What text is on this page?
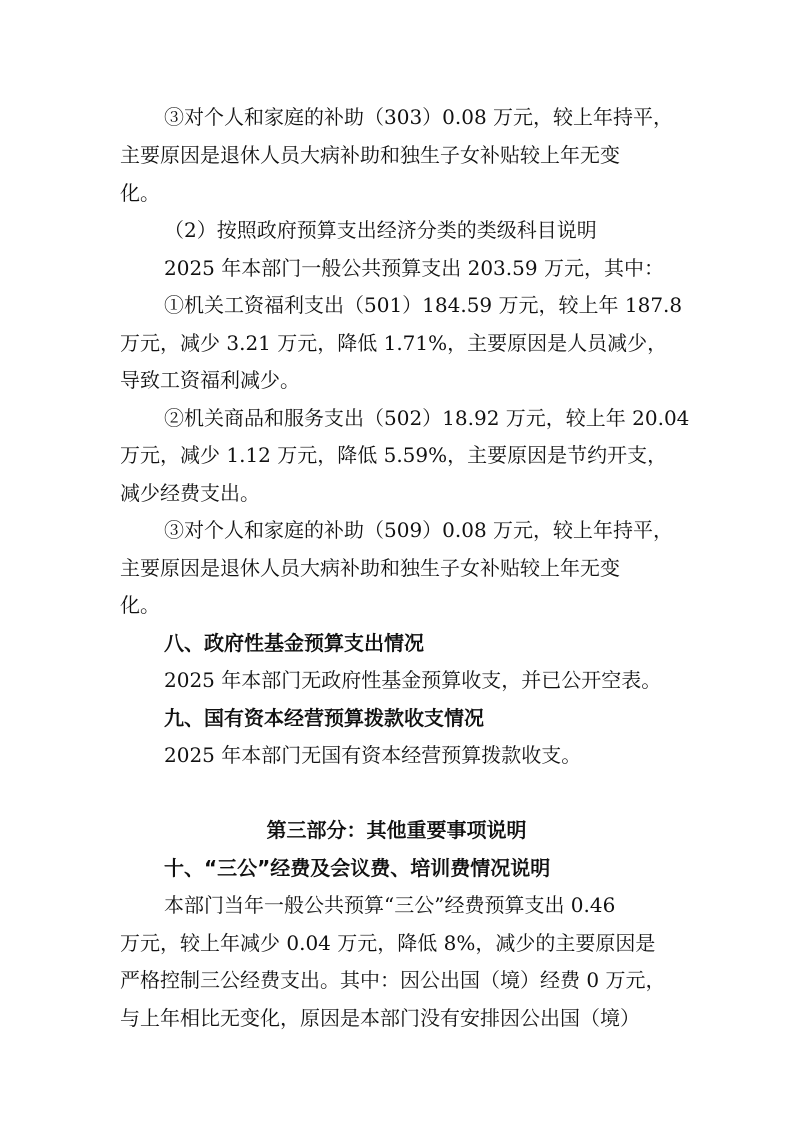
③对个人和家庭的补助（303）0.08 万元，较上年持平，
主要原因是退休人员大病补助和独生子女补贴较上年无变
化。
（2）按照政府预算支出经济分类的类级科目说明
2025 年本部门一般公共预算支出 203.59 万元，其中：
①机关工资福利支出（501）184.59 万元，较上年 187.8
万元，减少 3.21 万元，降低 1.71%，主要原因是人员减少，
导致工资福利减少。
②机关商品和服务支出（502）18.92 万元，较上年 20.04
万元，减少 1.12 万元，降低 5.59%，主要原因是节约开支，
减少经费支出。
③对个人和家庭的补助（509）0.08 万元，较上年持平，
主要原因是退休人员大病补助和独生子女补贴较上年无变
化。
八、政府性基金预算支出情况
2025 年本部门无政府性基金预算收支，并已公开空表。
九、国有资本经营预算拨款收支情况
2025 年本部门无国有资本经营预算拨款收支。
第三部分：其他重要事项说明
十、“三公”经费及会议费、培训费情况说明
本部门当年一般公共预算“三公”经费预算支出 0.46
万元，较上年减少 0.04 万元，降低 8%，减少的主要原因是
严格控制三公经费支出。其中：因公出国（境）经费 0 万元，
与上年相比无变化，原因是本部门没有安排因公出国（境）
